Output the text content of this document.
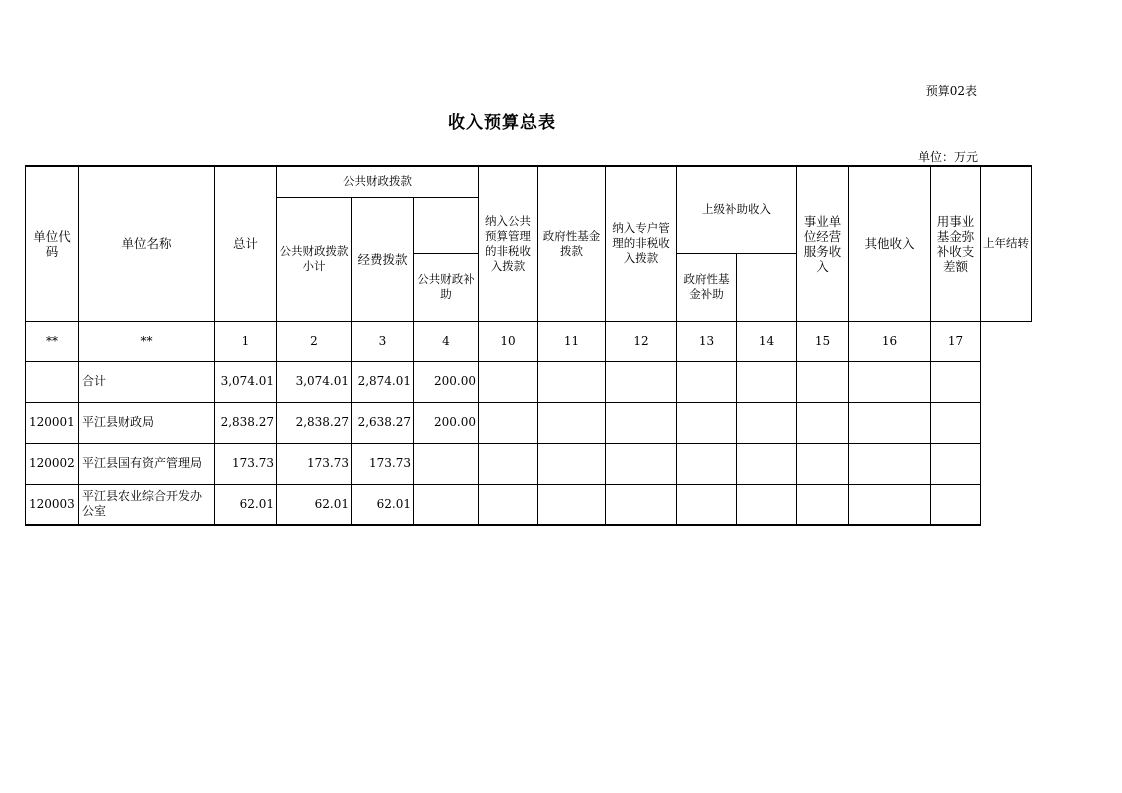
预算02表
收入预算总表
单位：万元
单位代码	单位名称	总计	公共财政拨款			纳入公共预算管理的非税收入拨款	政府性基金拨款	纳入专户管理的非税收入拨款	上级补助收入		事业单位经营服务收入	其他收入	用事业基金弥补收支差额	上年结转
			公共财政拨款小计	经费拨款										
					公共财政补助				政府性基金补助					
**	**	1	2	3	4	10	11	12	13	14	15	16	17	
	合计	3,074.01	3,074.01	2,874.01	200.00									
120001	平江县财政局	2,838.27	2,838.27	2,638.27	200.00									
120002	平江县国有资产管理局	173.73	173.73	173.73										
120003	平江县农业综合开发办公室	62.01	62.01	62.01										
